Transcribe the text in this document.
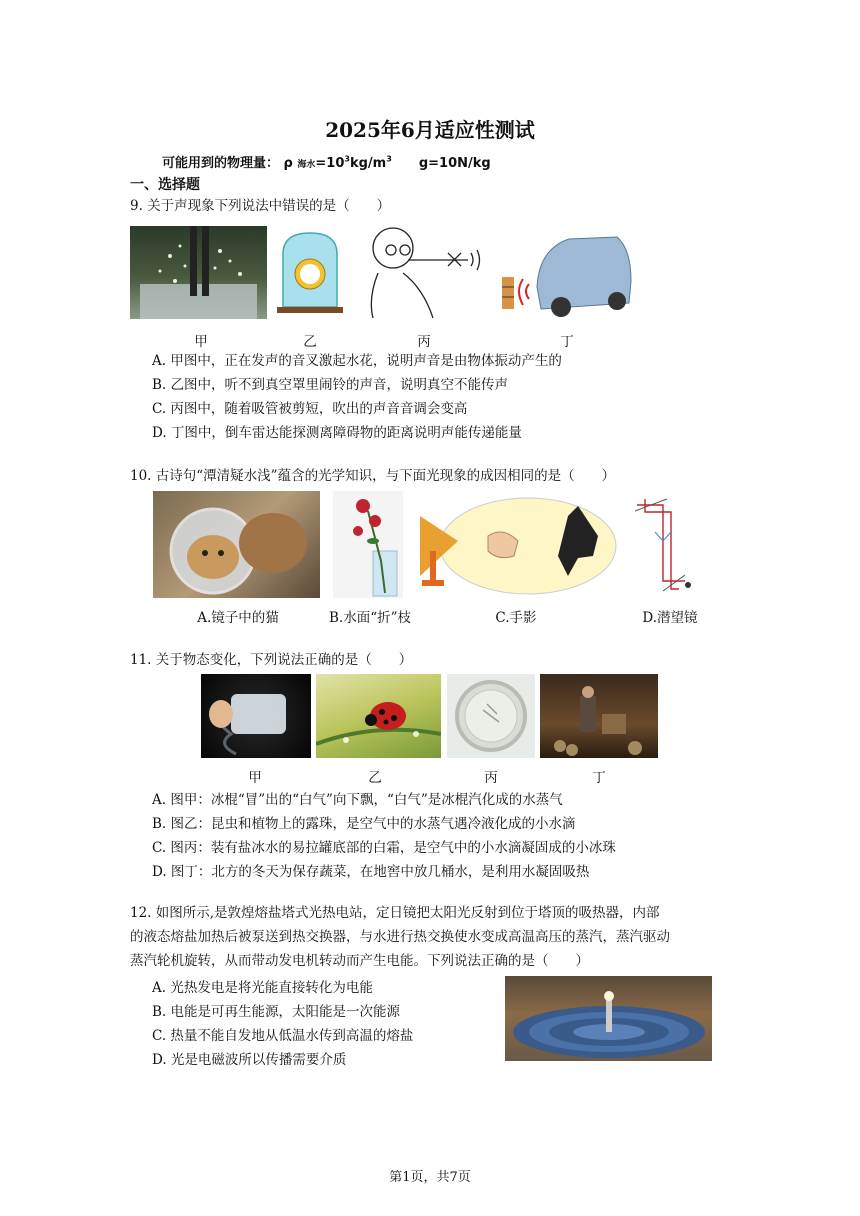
2025年6月适应性测试
可能用到的物理量： ρ 海水$=10^3kg/m^3$ g=10N/kg
一、选择题
9. 关于声现象下列说法中错误的是（　　）
甲	乙	丙	丁
A. 甲图中，正在发声的音叉激起水花，说明声音是由物体振动产生的
B. 乙图中，听不到真空罩里闹铃的声音，说明真空不能传声
C. 丙图中，随着吸管被剪短，吹出的声音音调会变高
D. 丁图中，倒车雷达能探测离障碍物的距离说明声能传递能量
10. 古诗句“潭清疑水浅”蕴含的光学知识，与下面光现象的成因相同的是（　　）
A.镜子中的猫	B.水面“折”枝	C.手影	D.潜望镜
11. 关于物态变化，下列说法正确的是（　　）
甲	乙	丙	丁
A. 图甲：冰棍“冒”出的“白气”向下飘，“白气”是冰棍汽化成的水蒸气
B. 图乙：昆虫和植物上的露珠，是空气中的水蒸气遇冷液化成的小水滴
C. 图丙：装有盐冰水的易拉罐底部的白霜，是空气中的小水滴凝固成的小冰珠
D. 图丁：北方的冬天为保存蔬菜，在地窖中放几桶水，是利用水凝固吸热
12. 如图所示,是敦煌熔盐塔式光热电站，定日镜把太阳光反射到位于塔顶的吸热器，内部
的液态熔盐加热后被泵送到热交换器，与水进行热交换使水变成高温高压的蒸汽，蒸汽驱动
蒸汽轮机旋转，从而带动发电机转动而产生电能。下列说法正确的是（　　）
A. 光热发电是将光能直接转化为电能
B. 电能是可再生能源，太阳能是一次能源
C. 热量不能自发地从低温水传到高温的熔盐
D. 光是电磁波所以传播需要介质
第1页，共7页
